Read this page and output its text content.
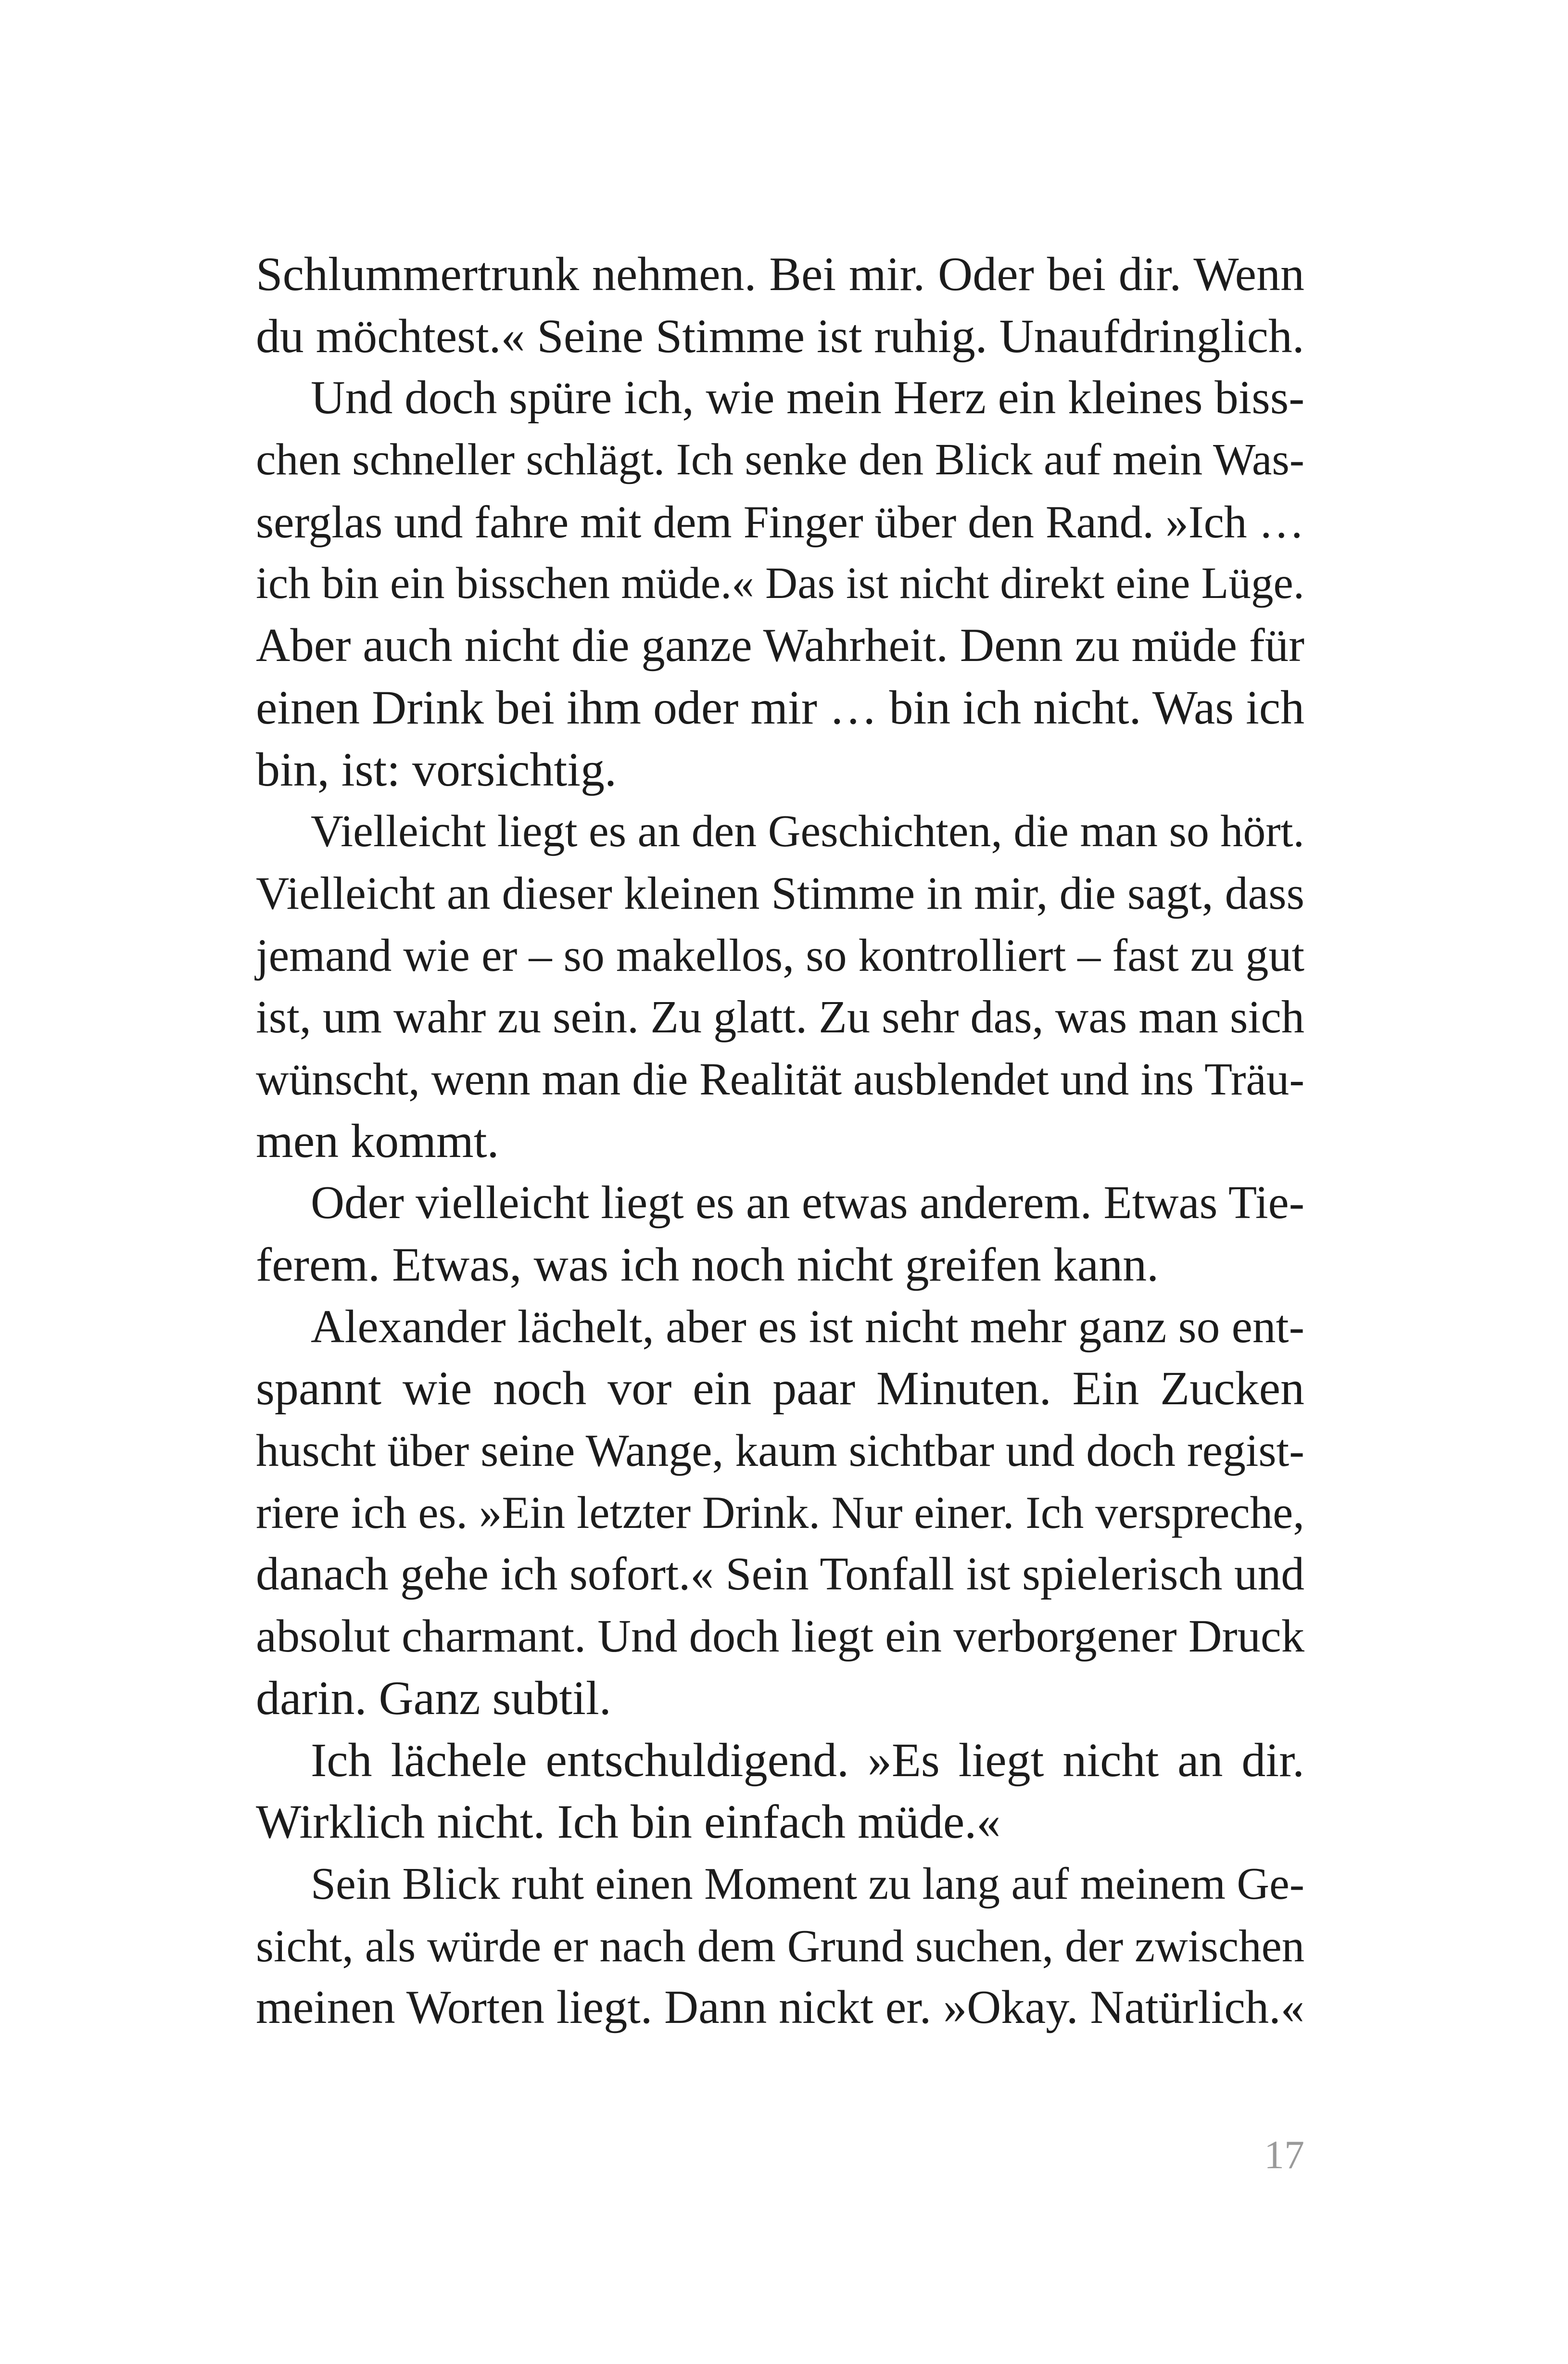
Schlummertrunk nehmen. Bei mir. Oder bei dir. Wenn
du möchtest.« Seine Stimme ist ruhig. Unaufdringlich.
Und doch spüre ich, wie mein Herz ein kleines biss-
chen schneller schlägt. Ich senke den Blick auf mein Was-
serglas und fahre mit dem Finger über den Rand. »Ich …
ich bin ein bisschen müde.« Das ist nicht direkt eine Lüge.
Aber auch nicht die ganze Wahrheit. Denn zu müde für
einen Drink bei ihm oder mir … bin ich nicht. Was ich
bin, ist: vorsichtig.
Vielleicht liegt es an den Geschichten, die man so hört.
Vielleicht an dieser kleinen Stimme in mir, die sagt, dass
jemand wie er – so makellos, so kontrolliert – fast zu gut
ist, um wahr zu sein. Zu glatt. Zu sehr das, was man sich
wünscht, wenn man die Realität ausblendet und ins Träu-
men kommt.
Oder vielleicht liegt es an etwas anderem. Etwas Tie-
ferem. Etwas, was ich noch nicht greifen kann.
Alexander lächelt, aber es ist nicht mehr ganz so ent-
spannt wie noch vor ein paar Minuten. Ein Zucken
huscht über seine Wange, kaum sichtbar und doch regist-
riere ich es. »Ein letzter Drink. Nur einer. Ich verspreche,
danach gehe ich sofort.« Sein Tonfall ist spielerisch und
absolut charmant. Und doch liegt ein verborgener Druck
darin. Ganz subtil.
Ich lächele entschuldigend. »Es liegt nicht an dir.
Wirklich nicht. Ich bin einfach müde.«
Sein Blick ruht einen Moment zu lang auf meinem Ge-
sicht, als würde er nach dem Grund suchen, der zwischen
meinen Worten liegt. Dann nickt er. »Okay. Natürlich.«
17
